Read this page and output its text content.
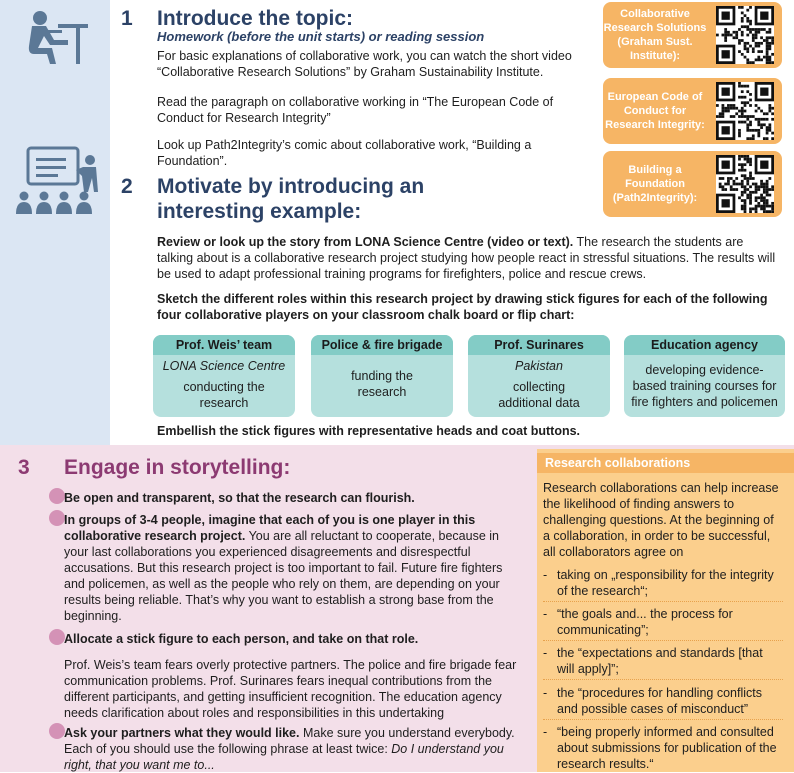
1 Introduce the topic:
Homework (before the unit starts) or reading session

For basic explanations of collaborative work, you can watch the short video “Collaborative Research Solutions” by Graham Sustainability Institute.

Read the paragraph on collaborative working in “The European Code of Conduct for Research Integrity”

Look up Path2Integrity’s comic about collaborative work, “Building a Foundation”.

Collaborative Research Solutions (Graham Sust. Institute):
European Code of Conduct for Research Integrity:
Building a Foundation (Path2Integrity):
2 Motivate by introducing an
interesting example:

Review or look up the story from LONA Science Centre (video or text). The research the students are talking about is a collaborative research project studying how people react in stressful situations. The results will be used to adapt professional training programs for firefighters, police and rescue crews.

Sketch the different roles within this research project by drawing stick figures for each of the following four collaborative players on your classroom chalk board or flip chart:

Prof. Weis’ team
LONA Science Centre
conducting the research
Police & fire brigade
funding the research
Prof. Surinares
Pakistan
collecting additional data
Education agency
developing evidence-based training courses for fire fighters and policemen

Embellish the stick figures with representative heads and coat buttons.

Research collaborations
3 Engage in storytelling:

Be open and transparent, so that the research can flourish.

In groups of 3-4 people, imagine that each of you is one player in this collaborative research project. You are all reluctant to cooperate, because in your last collaborations you experienced disagreements and disrespectful accusations. But this research project is too important to fail. Future fire fighters and policemen, as well as the people who rely on them, are depending on your results being reliable. That’s why you want to establish a strong base from the beginning.

Allocate a stick figure to each person, and take on that role.

Prof. Weis’s team fears overly protective partners. The police and fire brigade fear communication problems. Prof. Surinares fears inequal contributions from the different participants, and getting insufficient recognition. The education agency needs clarification about roles and responsibilities in this undertaking

Ask your partners what they would like. Make sure you understand everybody. Each of you should use the following phrase at least twice: Do I understand you right, that you want me to...

Research collaborations can help increase the likelihood of finding answers to challenging questions. At the beginning of a collaboration, in order to be successful, all collaborators agree on

- taking on „responsibility for the integrity of the research“;

- “the goals and... the process for communicating”;

- the “expectations and standards [that will apply]”;

- the “procedures for handling conflicts and possible cases of misconduct”

- “being properly informed and consulted about submissions for publication of the research results.“
